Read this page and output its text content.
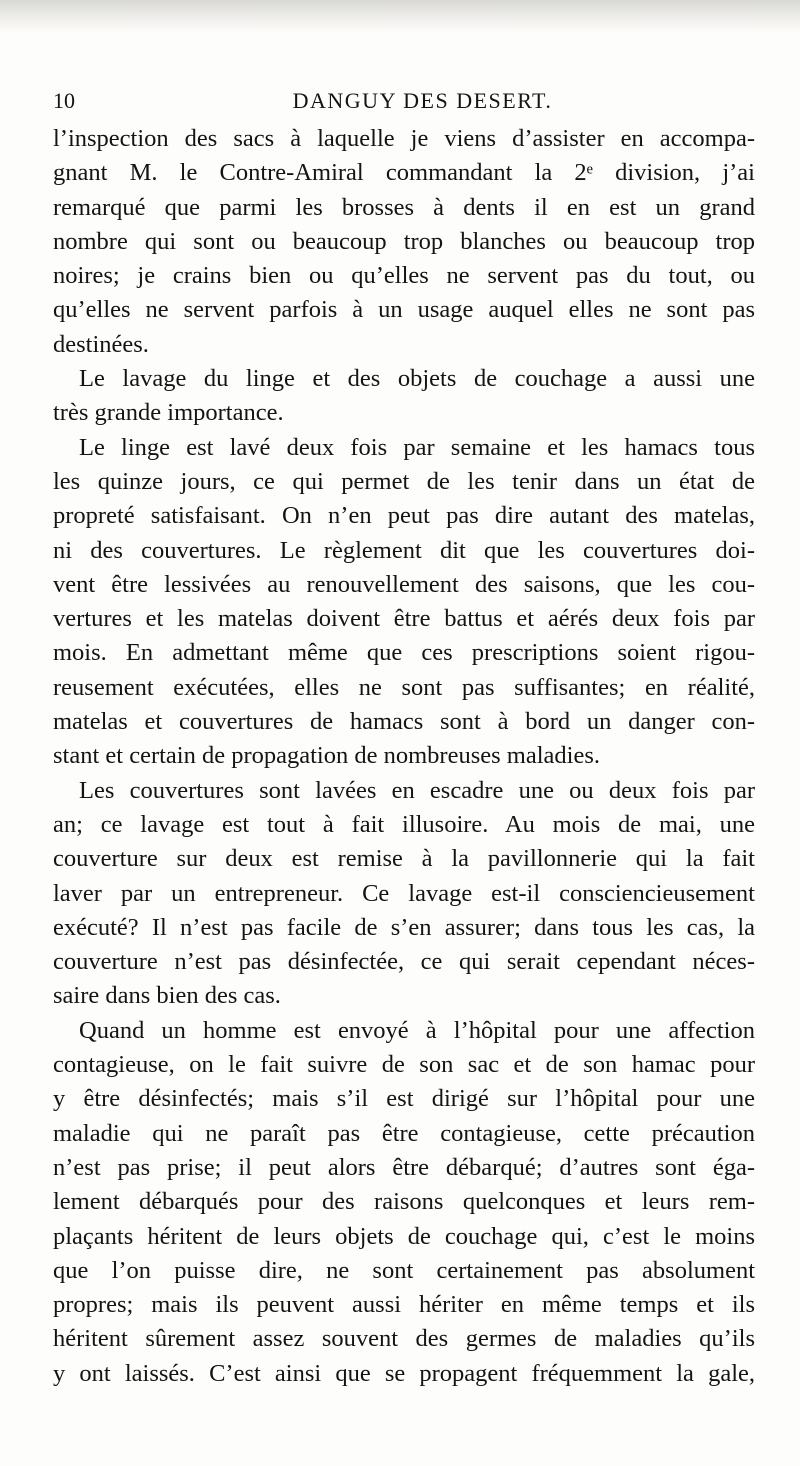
10	DANGUY DES DESERT.
l’inspection des sacs à laquelle je viens d’assister en accompa-
gnant M. le Contre-Amiral commandant la 2ᵉ division, j’ai
remarqué que parmi les brosses à dents il en est un grand
nombre qui sont ou beaucoup trop blanches ou beaucoup trop
noires; je crains bien ou qu’elles ne servent pas du tout, ou
qu’elles ne servent parfois à un usage auquel elles ne sont pas
destinées.
Le lavage du linge et des objets de couchage a aussi une
très grande importance.
Le linge est lavé deux fois par semaine et les hamacs tous
les quinze jours, ce qui permet de les tenir dans un état de
propreté satisfaisant. On n’en peut pas dire autant des matelas,
ni des couvertures. Le règlement dit que les couvertures doi-
vent être lessivées au renouvellement des saisons, que les cou-
vertures et les matelas doivent être battus et aérés deux fois par
mois. En admettant même que ces prescriptions soient rigou-
reusement exécutées, elles ne sont pas suffisantes; en réalité,
matelas et couvertures de hamacs sont à bord un danger con-
stant et certain de propagation de nombreuses maladies.
Les couvertures sont lavées en escadre une ou deux fois par
an; ce lavage est tout à fait illusoire. Au mois de mai, une
couverture sur deux est remise à la pavillonnerie qui la fait
laver par un entrepreneur. Ce lavage est-il consciencieusement
exécuté? Il n’est pas facile de s’en assurer; dans tous les cas, la
couverture n’est pas désinfectée, ce qui serait cependant néces-
saire dans bien des cas.
Quand un homme est envoyé à l’hôpital pour une affection
contagieuse, on le fait suivre de son sac et de son hamac pour
y être désinfectés; mais s’il est dirigé sur l’hôpital pour une
maladie qui ne paraît pas être contagieuse, cette précaution
n’est pas prise; il peut alors être débarqué; d’autres sont éga-
lement débarqués pour des raisons quelconques et leurs rem-
plaçants héritent de leurs objets de couchage qui, c’est le moins
que l’on puisse dire, ne sont certainement pas absolument
propres; mais ils peuvent aussi hériter en même temps et ils
héritent sûrement assez souvent des germes de maladies qu’ils
y ont laissés. C’est ainsi que se propagent fréquemment la gale,
